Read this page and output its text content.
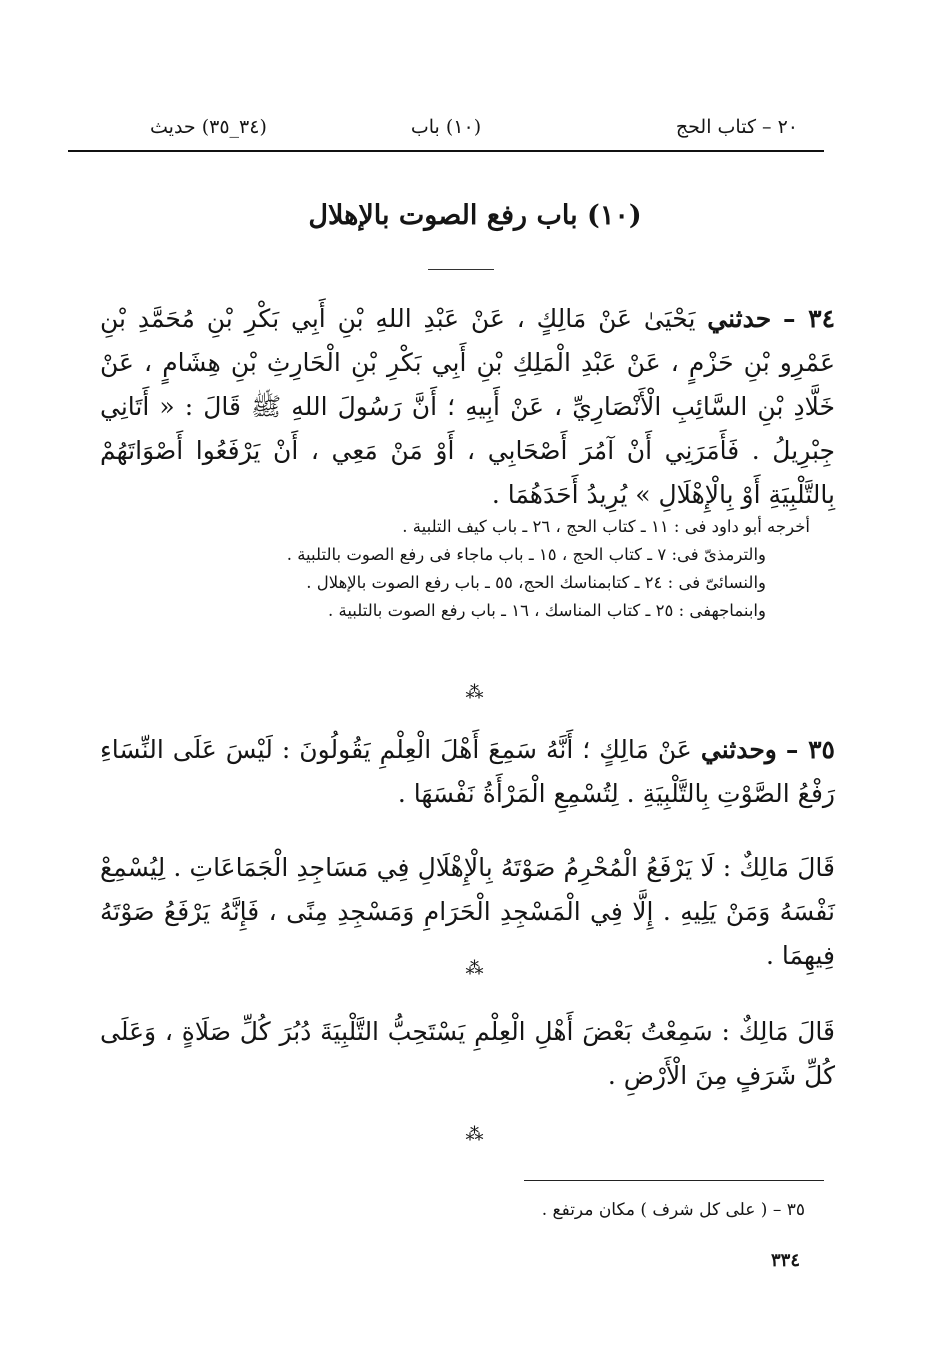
٢٠ – كتاب الحج
(١٠) باب
(٣٤_٣٥) حديث
(١٠) باب رفع الصوت بالإهلال
٣٤ – حدثني يَحْيَىٰ عَنْ مَالِكٍ ، عَنْ عَبْدِ اللهِ بْنِ أَبِي بَكْرِ بْنِ مُحَمَّدِ بْنِ عَمْرِو بْنِ حَزْمٍ ، عَنْ عَبْدِ الْمَلِكِ بْنِ أَبِي بَكْرِ بْنِ الْحَارِثِ بْنِ هِشَامٍ ، عَنْ خَلَّادِ بْنِ السَّائِبِ الْأَنْصَارِيِّ ، عَنْ أَبِيهِ ؛ أَنَّ رَسُولَ اللهِ ﷺ قَالَ : « أَتَانِي جِبْرِيلُ . فَأَمَرَنِي أَنْ آمُرَ أَصْحَابِي ، أَوْ مَنْ مَعِي ، أَنْ يَرْفَعُوا أَصْوَاتَهُمْ بِالتَّلْبِيَةِ أَوْ بِالْإِهْلَالِ » يُرِيدُ أَحَدَهُمَا .
أخرجه أبو داود فى : ١١ ـ كتاب الحج ، ٢٦ ـ باب كيف التلبية .
والترمذىّ فى: ٧ ـ كتاب الحج ، ١٥ ـ باب ماجاء فى رفع الصوت بالتلبية .
والنسائىّ فى : ٢٤ ـ كتابمناسك الحج، ٥٥ ـ باب رفع الصوت بالإهلال .
وابنماجهفى : ٢٥ ـ كتاب المناسك ، ١٦ ـ باب رفع الصوت بالتلبية .
⁂
٣٥ – وحدثني عَنْ مَالِكٍ ؛ أَنَّهُ سَمِعَ أَهْلَ الْعِلْمِ يَقُولُونَ : لَيْسَ عَلَى النِّسَاءِ رَفْعُ الصَّوْتِ بِالتَّلْبِيَةِ . لِتُسْمِعِ الْمَرْأَةُ نَفْسَهَا .
قَالَ مَالِكٌ : لَا يَرْفَعُ الْمُحْرِمُ صَوْتَهُ بِالْإِهْلَالِ فِي مَسَاجِدِ الْجَمَاعَاتِ . لِيُسْمِعْ نَفْسَهُ وَمَنْ يَلِيهِ . إِلَّا فِي الْمَسْجِدِ الْحَرَامِ وَمَسْجِدِ مِنًى ، فَإِنَّهُ يَرْفَعُ صَوْتَهُ فِيهِمَا .
⁂
قَالَ مَالِكٌ : سَمِعْتُ بَعْضَ أَهْلِ الْعِلْمِ يَسْتَحِبُّ التَّلْبِيَةَ دُبُرَ كُلِّ صَلَاةٍ ، وَعَلَى كُلِّ شَرَفٍ مِنَ الْأَرْضِ .
⁂
٣٥ – ( على كل شرف ) مكان مرتفع .
٣٣٤
